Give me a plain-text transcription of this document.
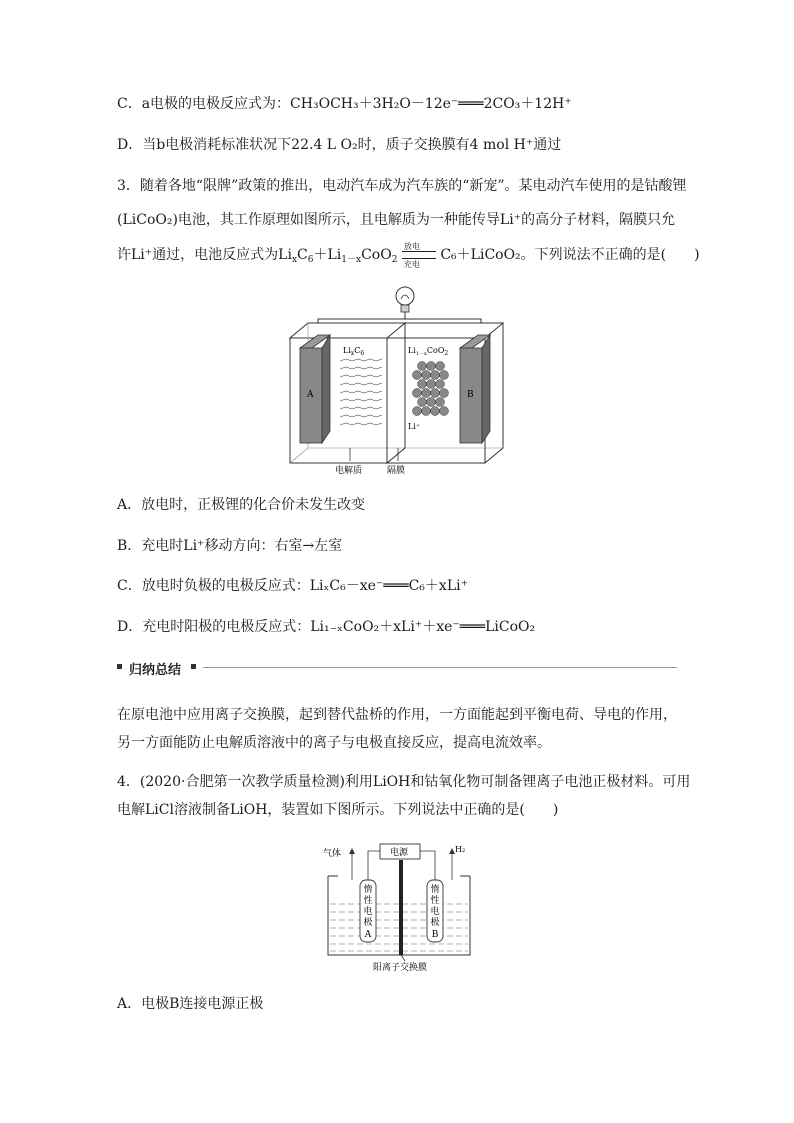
C．a电极的电极反应式为：CH₃OCH₃＋3H₂O－12e⁻═══2CO₃＋12H⁺
D．当b电极消耗标准状况下22.4 L O₂时，质子交换膜有4 mol H⁺通过
3．随着各地“限牌”政策的推出，电动汽车成为汽车族的“新宠”。某电动汽车使用的是钴酸锂
(LiCoO₂)电池，其工作原理如图所示，且电解质为一种能传导Li⁺的高分子材料，隔膜只允
许Li⁺通过，电池反应式为$Li_xC_6+Li_{1-x}CoO_2$
放电
充电
C₆＋LiCoO₂。下列说法不正确的是(　　)
A	B
$Li_xC_6$	$Li_{1-x}CoO_2$
Li⁺
电解质	隔膜
A．放电时，正极锂的化合价未发生改变
B．充电时Li⁺移动方向：右室→左室
C．放电时负极的电极反应式：LiₓC₆－xe⁻═══C₆＋xLi⁺
D．充电时阳极的电极反应式：Li₁₋ₓCoO₂＋xLi⁺＋xe⁻═══LiCoO₂
归纳总结
在原电池中应用离子交换膜，起到替代盐桥的作用，一方面能起到平衡电荷、导电的作用，
另一方面能防止电解质溶液中的离子与电极直接反应，提高电流效率。
4．(2020·合肥第一次教学质量检测)利用LiOH和钴氧化物可制备锂离子电池正极材料。可用
电解LiCl溶液制备LiOH，装置如下图所示。下列说法中正确的是(　　)
气体	电源	H₂
惰
性
电
极
A
惰
性
电
极
B
阳离子交换膜
A．电极B连接电源正极
